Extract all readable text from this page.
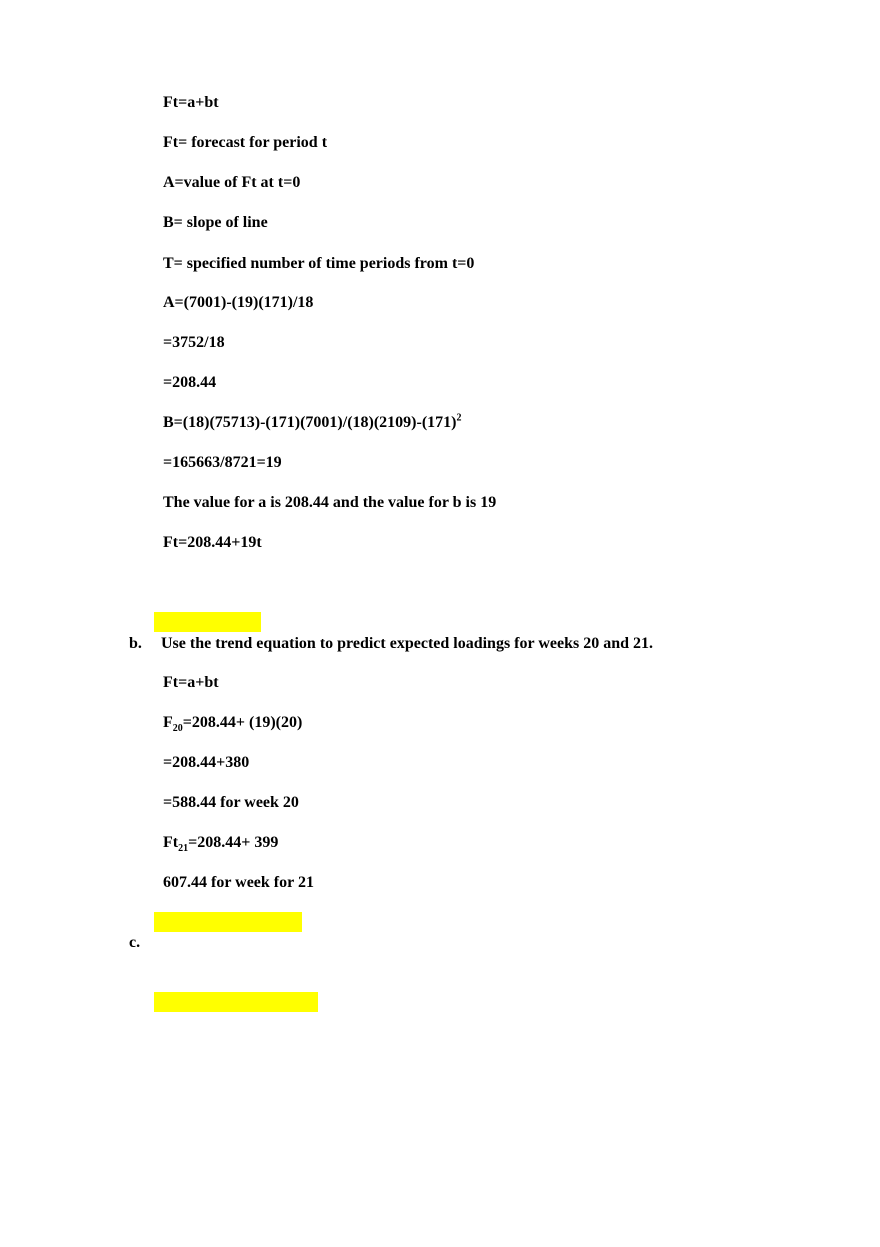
Ft=a+bt
Ft= forecast for period t
A=value of Ft at t=0
B= slope of line
T= specified number of time periods from t=0
A=(7001)-(19)(171)/18
=3752/18
=208.44
$B=(18)(75713)-(171)(7001)/(18)(2109)-(171)^2$
=165663/8721=19
The value for a is 208.44 and the value for b is 19
Ft=208.44+19t
b. Use the trend equation to predict expected loadings for weeks 20 and 21.
Ft=a+bt
$F_{20}=208.44+ (19)(20)$
=208.44+380
=588.44 for week 20
$Ft_{21}=208.44+ 399$
607.44 for week for 21
c.
